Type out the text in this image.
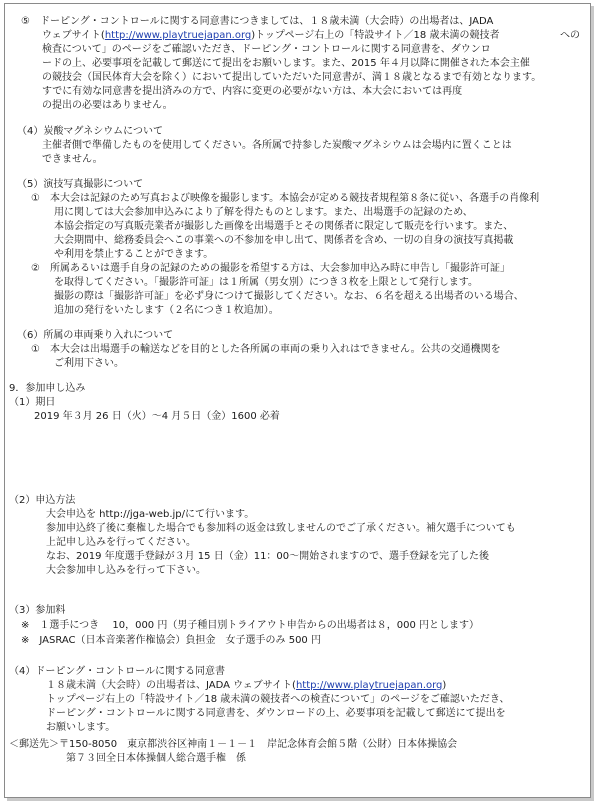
⑤　ドーピング・コントロールに関する同意書につきましては、１８歳未満（大会時）の出場者は、JADA
ウェブサイト(http://www.playtruejapan.org)トップページ右上の「特設サイト／18 歳未満の競技者	への
検査について」のページをご確認いただき、ドーピング・コントロールに関する同意書を、ダウンロ
ードの上、必要事項を記載して郵送にて提出をお願いします。また、2015 年４月以降に開催された本会主催
の競技会（国民体育大会を除く）において提出していただいた同意書が、満１８歳となるまで有効となります。
すでに有効な同意書を提出済みの方で、内容に変更の必要がない方は、本大会においては再度
の提出の必要はありません。
（4）炭酸マグネシウムについて
主催者側で準備したものを使用してください。各所属で持参した炭酸マグネシウムは会場内に置くことは
できません。
（5）演技写真撮影について
①　本大会は記録のため写真および映像を撮影します。本協会が定める競技者規程第８条に従い、各選手の肖像利
用に関しては大会参加申込みにより了解を得たものとします。また、出場選手の記録のため、
本協会指定の写真販売業者が撮影した画像を出場選手とその関係者に限定して販売を行います。また、
大会期間中、総務委員会へこの事業への不参加を申し出て、関係者を含め、一切の自身の演技写真掲載
や利用を禁止することができます。
②　所属あるいは選手自身の記録のための撮影を希望する方は、大会参加申込み時に申告し「撮影許可証」
を取得してください。「撮影許可証」は１所属（男女別）につき３枚を上限として発行します。
撮影の際は「撮影許可証」を必ず身につけて撮影してください。なお、６名を超える出場者のいる場合、
追加の発行をいたします（２名につき１枚追加）。
（6）所属の車両乗り入れについて
①　本大会は出場選手の輸送などを目的とした各所属の車両の乗り入れはできません。公共の交通機関を
ご利用下さい。
9．参加申し込み
（1）期日
2019 年３月 26 日（火）～4 月５日（金）1600 必着
（2）申込方法
大会申込を http://jga-web.jp/にて行います。
参加申込終了後に棄権した場合でも参加料の返金は致しませんのでご了承ください。補欠選手についても
上記申し込みを行ってください。
なお、2019 年度選手登録が３月 15 日（金）11：00～開始されますので、選手登録を完了した後
大会参加申し込みを行って下さい。
（3）参加料
※　１選手につき　 10，000 円（男子種目別トライアウト申告からの出場者は８，000 円とします）
※　JASRAC（日本音楽著作権協会）負担金　女子選手のみ 500 円
（4）ドーピング・コントロールに関する同意書
１８歳未満（大会時）の出場者は、JADA ウェブサイト(http://www.playtruejapan.org)
トップページ右上の「特設サイト／18 歳未満の競技者への検査について」のページをご確認いただき、
ドーピング・コントロールに関する同意書を、ダウンロードの上、必要事項を記載して郵送にて提出を
お願いします。
＜郵送先＞〒150-8050　東京都渋谷区神南１－１－１　岸記念体育会館５階（公財）日本体操協会
第７３回全日本体操個人総合選手権　係
